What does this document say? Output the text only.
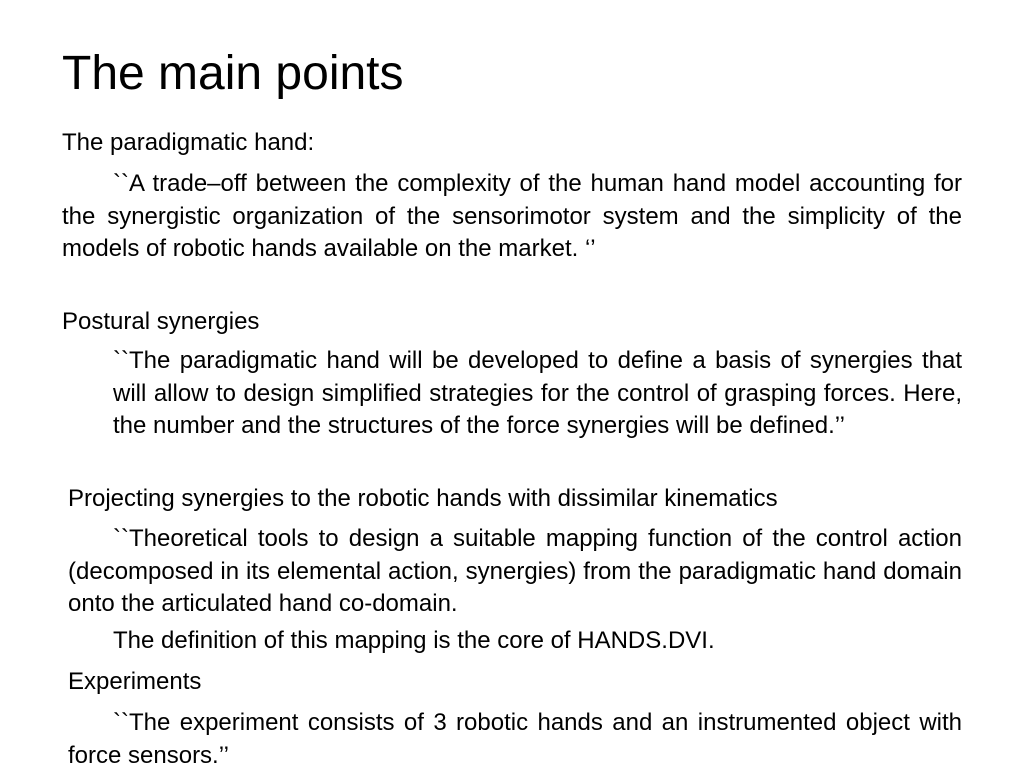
The main points
The paradigmatic hand:

``A trade–off between the complexity of the human hand model accounting for the synergistic organization of the sensorimotor system and the simplicity of the models of robotic hands available on the market. ‘’

Postural synergies

``The paradigmatic hand will be developed to define a basis of synergies that will allow to design simplified strategies for the control of grasping forces. Here, the number and the structures of the force synergies will be defined.’’

Projecting synergies to the robotic hands with dissimilar kinematics

``Theoretical tools to design a suitable mapping function of the control action (decomposed in its elemental action, synergies) from the paradigmatic hand domain onto the articulated hand co-domain.

The definition of this mapping is the core of HANDS.DVI.

Experiments

``The experiment consists of 3 robotic hands and an instrumented object with force sensors.’’
